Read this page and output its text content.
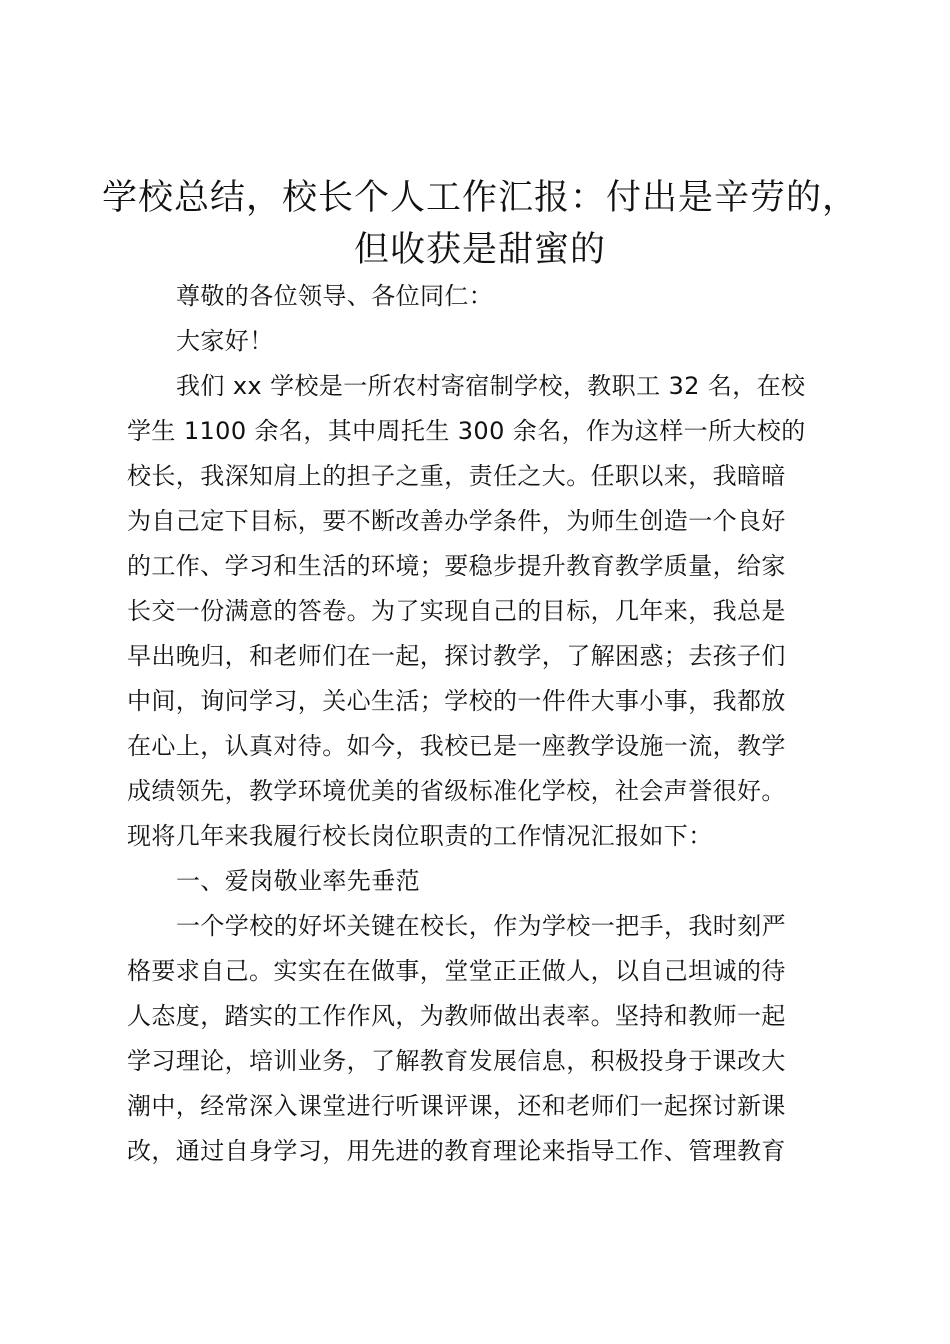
学校总结，校长个人工作汇报：付出是辛劳的，
但收获是甜蜜的
尊敬的各位领导、各位同仁：
大家好！
我们 xx 学校是一所农村寄宿制学校，教职工 32 名，在校
学生 1100 余名，其中周托生 300 余名，作为这样一所大校的
校长，我深知肩上的担子之重，责任之大。任职以来，我暗暗
为自己定下目标，要不断改善办学条件，为师生创造一个良好
的工作、学习和生活的环境；要稳步提升教育教学质量，给家
长交一份满意的答卷。为了实现自己的目标，几年来，我总是
早出晚归，和老师们在一起，探讨教学，了解困惑；去孩子们
中间，询问学习，关心生活；学校的一件件大事小事，我都放
在心上，认真对待。如今，我校已是一座教学设施一流，教学
成绩领先，教学环境优美的省级标准化学校，社会声誉很好。
现将几年来我履行校长岗位职责的工作情况汇报如下：
一、爱岗敬业率先垂范
一个学校的好坏关键在校长，作为学校一把手，我时刻严
格要求自己。实实在在做事，堂堂正正做人，以自己坦诚的待
人态度，踏实的工作作风，为教师做出表率。坚持和教师一起
学习理论，培训业务，了解教育发展信息，积极投身于课改大
潮中，经常深入课堂进行听课评课，还和老师们一起探讨新课
改，通过自身学习，用先进的教育理论来指导工作、管理教育
